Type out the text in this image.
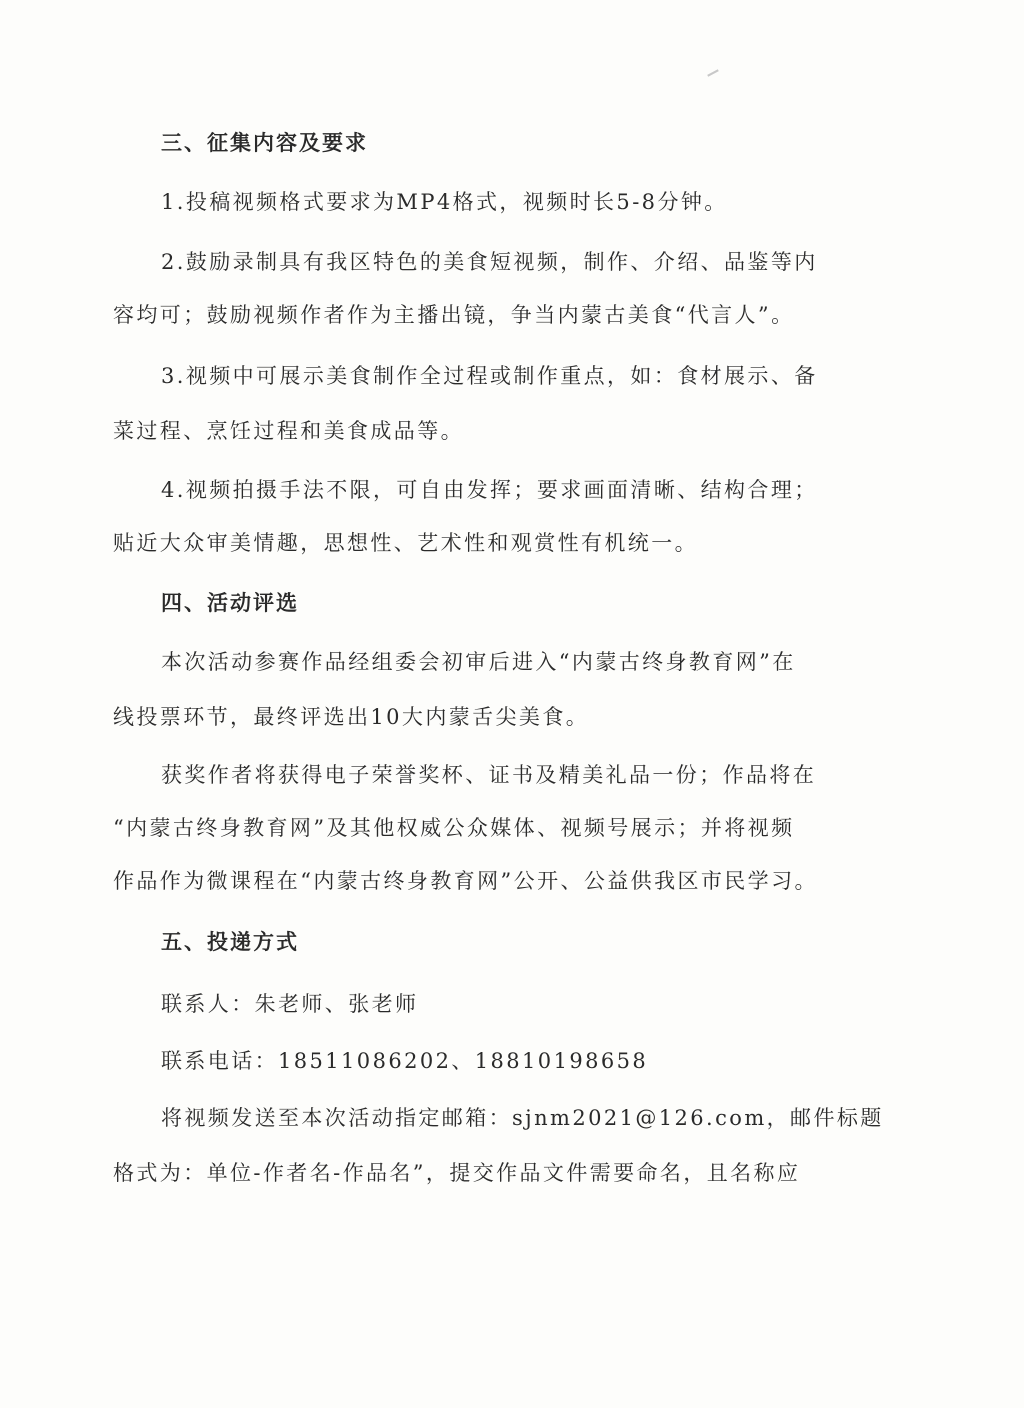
三、征集内容及要求
1.投稿视频格式要求为MP4格式，视频时长5-8分钟。
2.鼓励录制具有我区特色的美食短视频，制作、介绍、品鉴等内
容均可；鼓励视频作者作为主播出镜，争当内蒙古美食“代言人”。
3.视频中可展示美食制作全过程或制作重点，如：食材展示、备
菜过程、烹饪过程和美食成品等。
4.视频拍摄手法不限，可自由发挥；要求画面清晰、结构合理；
贴近大众审美情趣，思想性、艺术性和观赏性有机统一。
四、活动评选
本次活动参赛作品经组委会初审后进入“内蒙古终身教育网”在
线投票环节，最终评选出10大内蒙舌尖美食。
获奖作者将获得电子荣誉奖杯、证书及精美礼品一份；作品将在
“内蒙古终身教育网”及其他权威公众媒体、视频号展示；并将视频
作品作为微课程在“内蒙古终身教育网”公开、公益供我区市民学习。
五、投递方式
联系人：朱老师、张老师
联系电话：18511086202、18810198658
将视频发送至本次活动指定邮箱：sjnm2021@126.com，邮件标题
格式为：单位-作者名-作品名”，提交作品文件需要命名，且名称应
